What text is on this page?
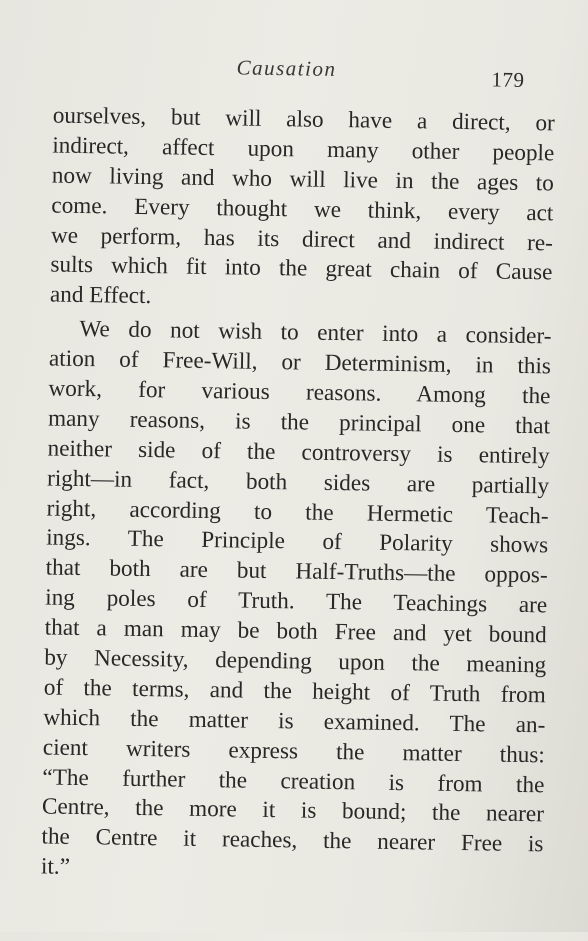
Causation	179
ourselves, but will also have a direct, or
indirect, affect upon many other people
now living and who will live in the ages to
come. Every thought we think, every act
we perform, has its direct and indirect re-
sults which fit into the great chain of Cause
and Effect.
We do not wish to enter into a consider-
ation of Free-Will, or Determinism, in this
work, for various reasons. Among the
many reasons, is the principal one that
neither side of the controversy is entirely
right—in fact, both sides are partially
right, according to the Hermetic Teach-
ings. The Principle of Polarity shows
that both are but Half-Truths—the oppos-
ing poles of Truth. The Teachings are
that a man may be both Free and yet bound
by Necessity, depending upon the meaning
of the terms, and the height of Truth from
which the matter is examined. The an-
cient writers express the matter thus:
“The further the creation is from the
Centre, the more it is bound; the nearer
the Centre it reaches, the nearer Free is
it.”
